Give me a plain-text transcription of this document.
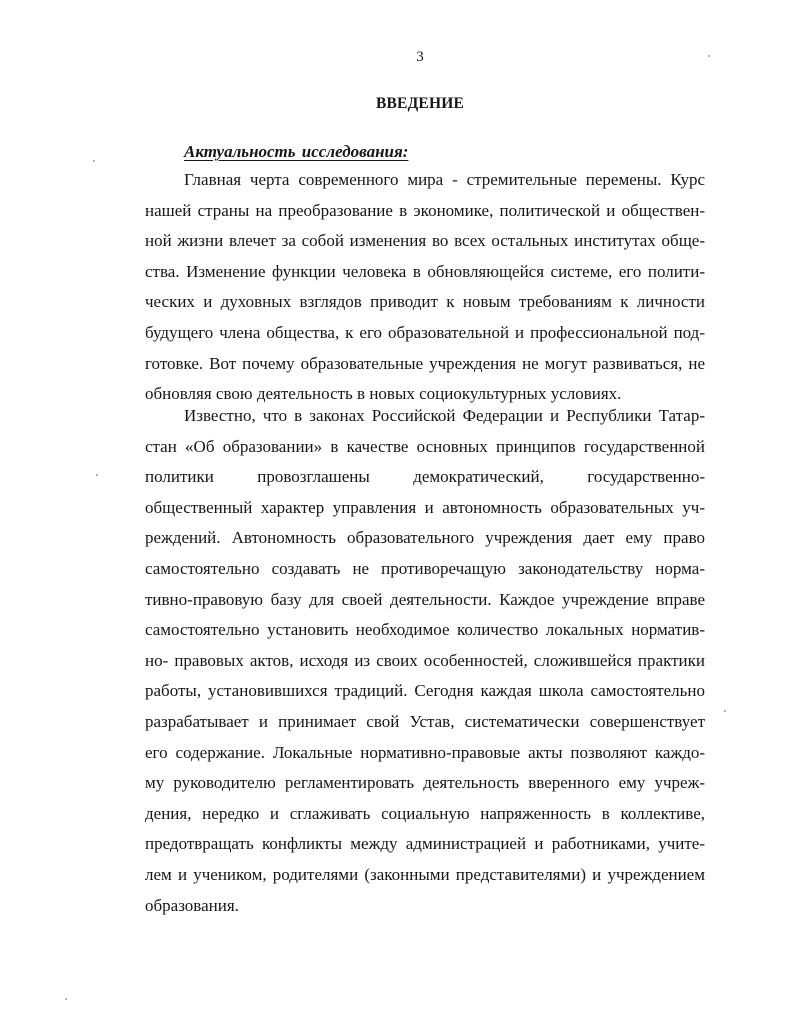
3
ВВЕДЕНИЕ
Актуальность исследования:
Главная черта современного мира - стремительные перемены. Курс
нашей страны на преобразование в экономике, политической и обществен-
ной жизни влечет за собой изменения во всех остальных институтах обще-
ства. Изменение функции человека в обновляющейся системе, его полити-
ческих и духовных взглядов приводит к новым требованиям к личности
будущего члена общества, к его образовательной и профессиональной под-
готовке. Вот почему образовательные учреждения не могут развиваться, не
обновляя свою деятельность в новых социокультурных условиях.
Известно, что в законах Российской Федерации и Республики Татар-
стан «Об образовании» в качестве основных принципов государственной
политики провозглашены демократический, государственно-
общественный характер управления и автономность образовательных уч-
реждений. Автономность образовательного учреждения дает ему право
самостоятельно создавать не противоречащую законодательству норма-
тивно-правовую базу для своей деятельности. Каждое учреждение вправе
самостоятельно установить необходимое количество локальных норматив-
но- правовых актов, исходя из своих особенностей, сложившейся практики
работы, установившихся традиций. Сегодня каждая школа самостоятельно
разрабатывает и принимает свой Устав, систематически совершенствует
его содержание. Локальные нормативно-правовые акты позволяют каждо-
му руководителю регламентировать деятельность вверенного ему учреж-
дения, нередко и сглаживать социальную напряженность в коллективе,
предотвращать конфликты между администрацией и работниками, учите-
лем и учеником, родителями (законными представителями) и учреждением
образования.
